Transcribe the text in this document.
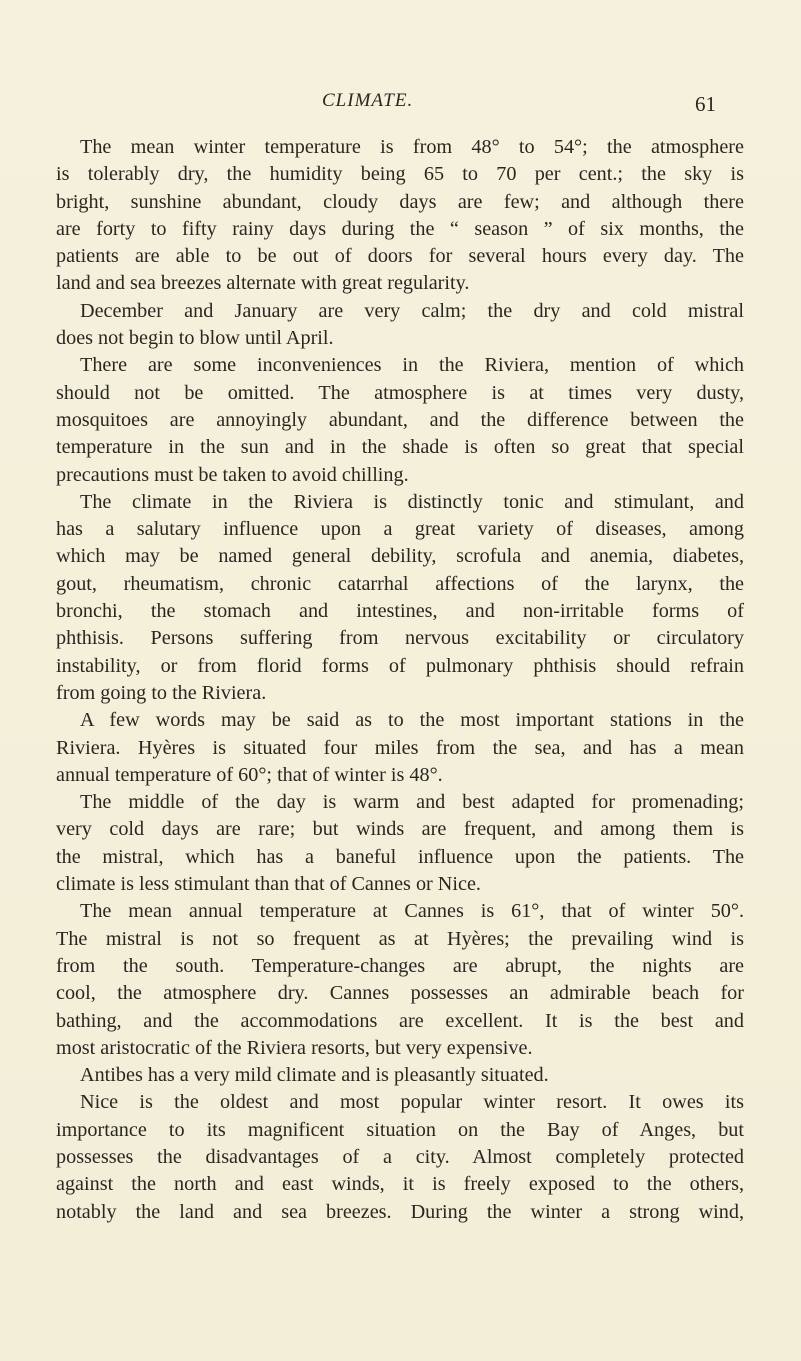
CLIMATE.	61
The mean winter temperature is from 48° to 54°; the atmosphere
is tolerably dry, the humidity being 65 to 70 per cent.; the sky is
bright, sunshine abundant, cloudy days are few; and although there
are forty to fifty rainy days during the “ season ” of six months, the
patients are able to be out of doors for several hours every day. The
land and sea breezes alternate with great regularity.
December and January are very calm; the dry and cold mistral
does not begin to blow until April.
There are some inconveniences in the Riviera, mention of which
should not be omitted. The atmosphere is at times very dusty,
mosquitoes are annoyingly abundant, and the difference between the
temperature in the sun and in the shade is often so great that special
precautions must be taken to avoid chilling.
The climate in the Riviera is distinctly tonic and stimulant, and
has a salutary influence upon a great variety of diseases, among
which may be named general debility, scrofula and anemia, diabetes,
gout, rheumatism, chronic catarrhal affections of the larynx, the
bronchi, the stomach and intestines, and non-irritable forms of
phthisis. Persons suffering from nervous excitability or circulatory
instability, or from florid forms of pulmonary phthisis should refrain
from going to the Riviera.
A few words may be said as to the most important stations in the
Riviera. Hyères is situated four miles from the sea, and has a mean
annual temperature of 60°; that of winter is 48°.
The middle of the day is warm and best adapted for promenading;
very cold days are rare; but winds are frequent, and among them is
the mistral, which has a baneful influence upon the patients. The
climate is less stimulant than that of Cannes or Nice.
The mean annual temperature at Cannes is 61°, that of winter 50°.
The mistral is not so frequent as at Hyères; the prevailing wind is
from the south. Temperature-changes are abrupt, the nights are
cool, the atmosphere dry. Cannes possesses an admirable beach for
bathing, and the accommodations are excellent. It is the best and
most aristocratic of the Riviera resorts, but very expensive.
Antibes has a very mild climate and is pleasantly situated.
Nice is the oldest and most popular winter resort. It owes its
importance to its magnificent situation on the Bay of Anges, but
possesses the disadvantages of a city. Almost completely protected
against the north and east winds, it is freely exposed to the others,
notably the land and sea breezes. During the winter a strong wind,
